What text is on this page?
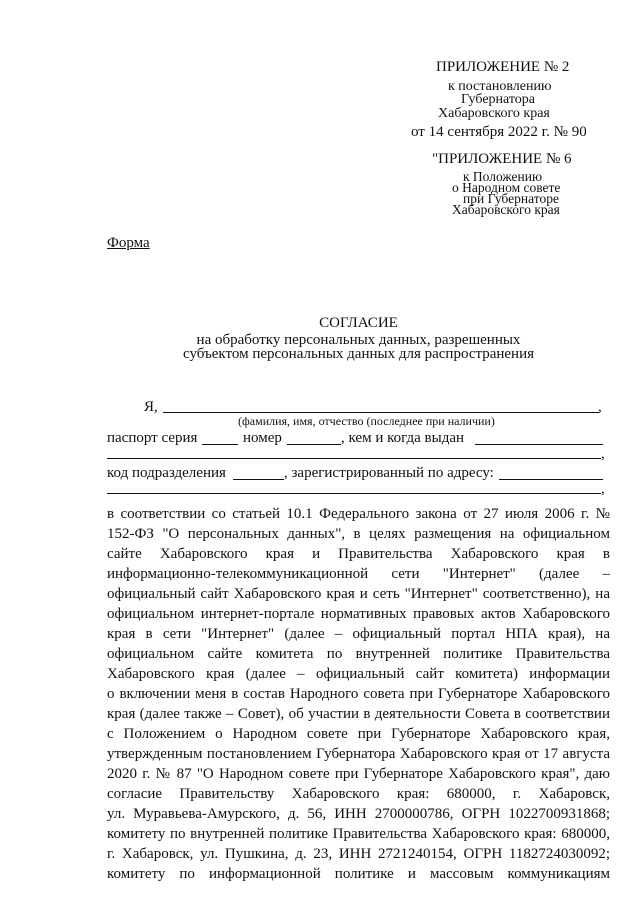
ПРИЛОЖЕНИЕ № 2
к постановлению
Губернатора
Хабаровского края
от 14 сентября 2022 г. № 90
"ПРИЛОЖЕНИЕ № 6
к Положению
о Народном совете
при Губернаторе
Хабаровского края
Форма
СОГЛАСИЕ
на обработку персональных данных, разрешенных
субъектом персональных данных для распространения
Я,	,
(фамилия, имя, отчество (последнее при наличии)
паспорт серия	номер	, кем и когда выдан
,
код подразделения	, зарегистрированный по адресу:
,
в соответствии со статьей 10.1 Федерального закона от 27 июля 2006 г. №
152-ФЗ "О персональных данных", в целях размещения на официальном
сайте Хабаровского края и Правительства Хабаровского края в
информационно-телекоммуникационной сети "Интернет" (далее –
официальный сайт Хабаровского края и сеть "Интернет" соответственно), на
официальном интернет-портале нормативных правовых актов Хабаровского
края в сети "Интернет" (далее – официальный портал НПА края), на
официальном сайте комитета по внутренней политике Правительства
Хабаровского края (далее – официальный сайт комитета) информации
о включении меня в состав Народного совета при Губернаторе Хабаровского
края (далее также – Совет), об участии в деятельности Совета в соответствии
с Положением о Народном совете при Губернаторе Хабаровского края,
утвержденным постановлением Губернатора Хабаровского края от 17 августа
2020 г. № 87 "О Народном совете при Губернаторе Хабаровского края", даю
согласие Правительству Хабаровского края: 680000, г. Хабаровск,
ул. Муравьева-Амурского, д. 56, ИНН 2700000786, ОГРН 1022700931868;
комитету по внутренней политике Правительства Хабаровского края: 680000,
г. Хабаровск, ул. Пушкина, д. 23, ИНН 2721240154, ОГРН 1182724030092;
комитету по информационной политике и массовым коммуникациям
